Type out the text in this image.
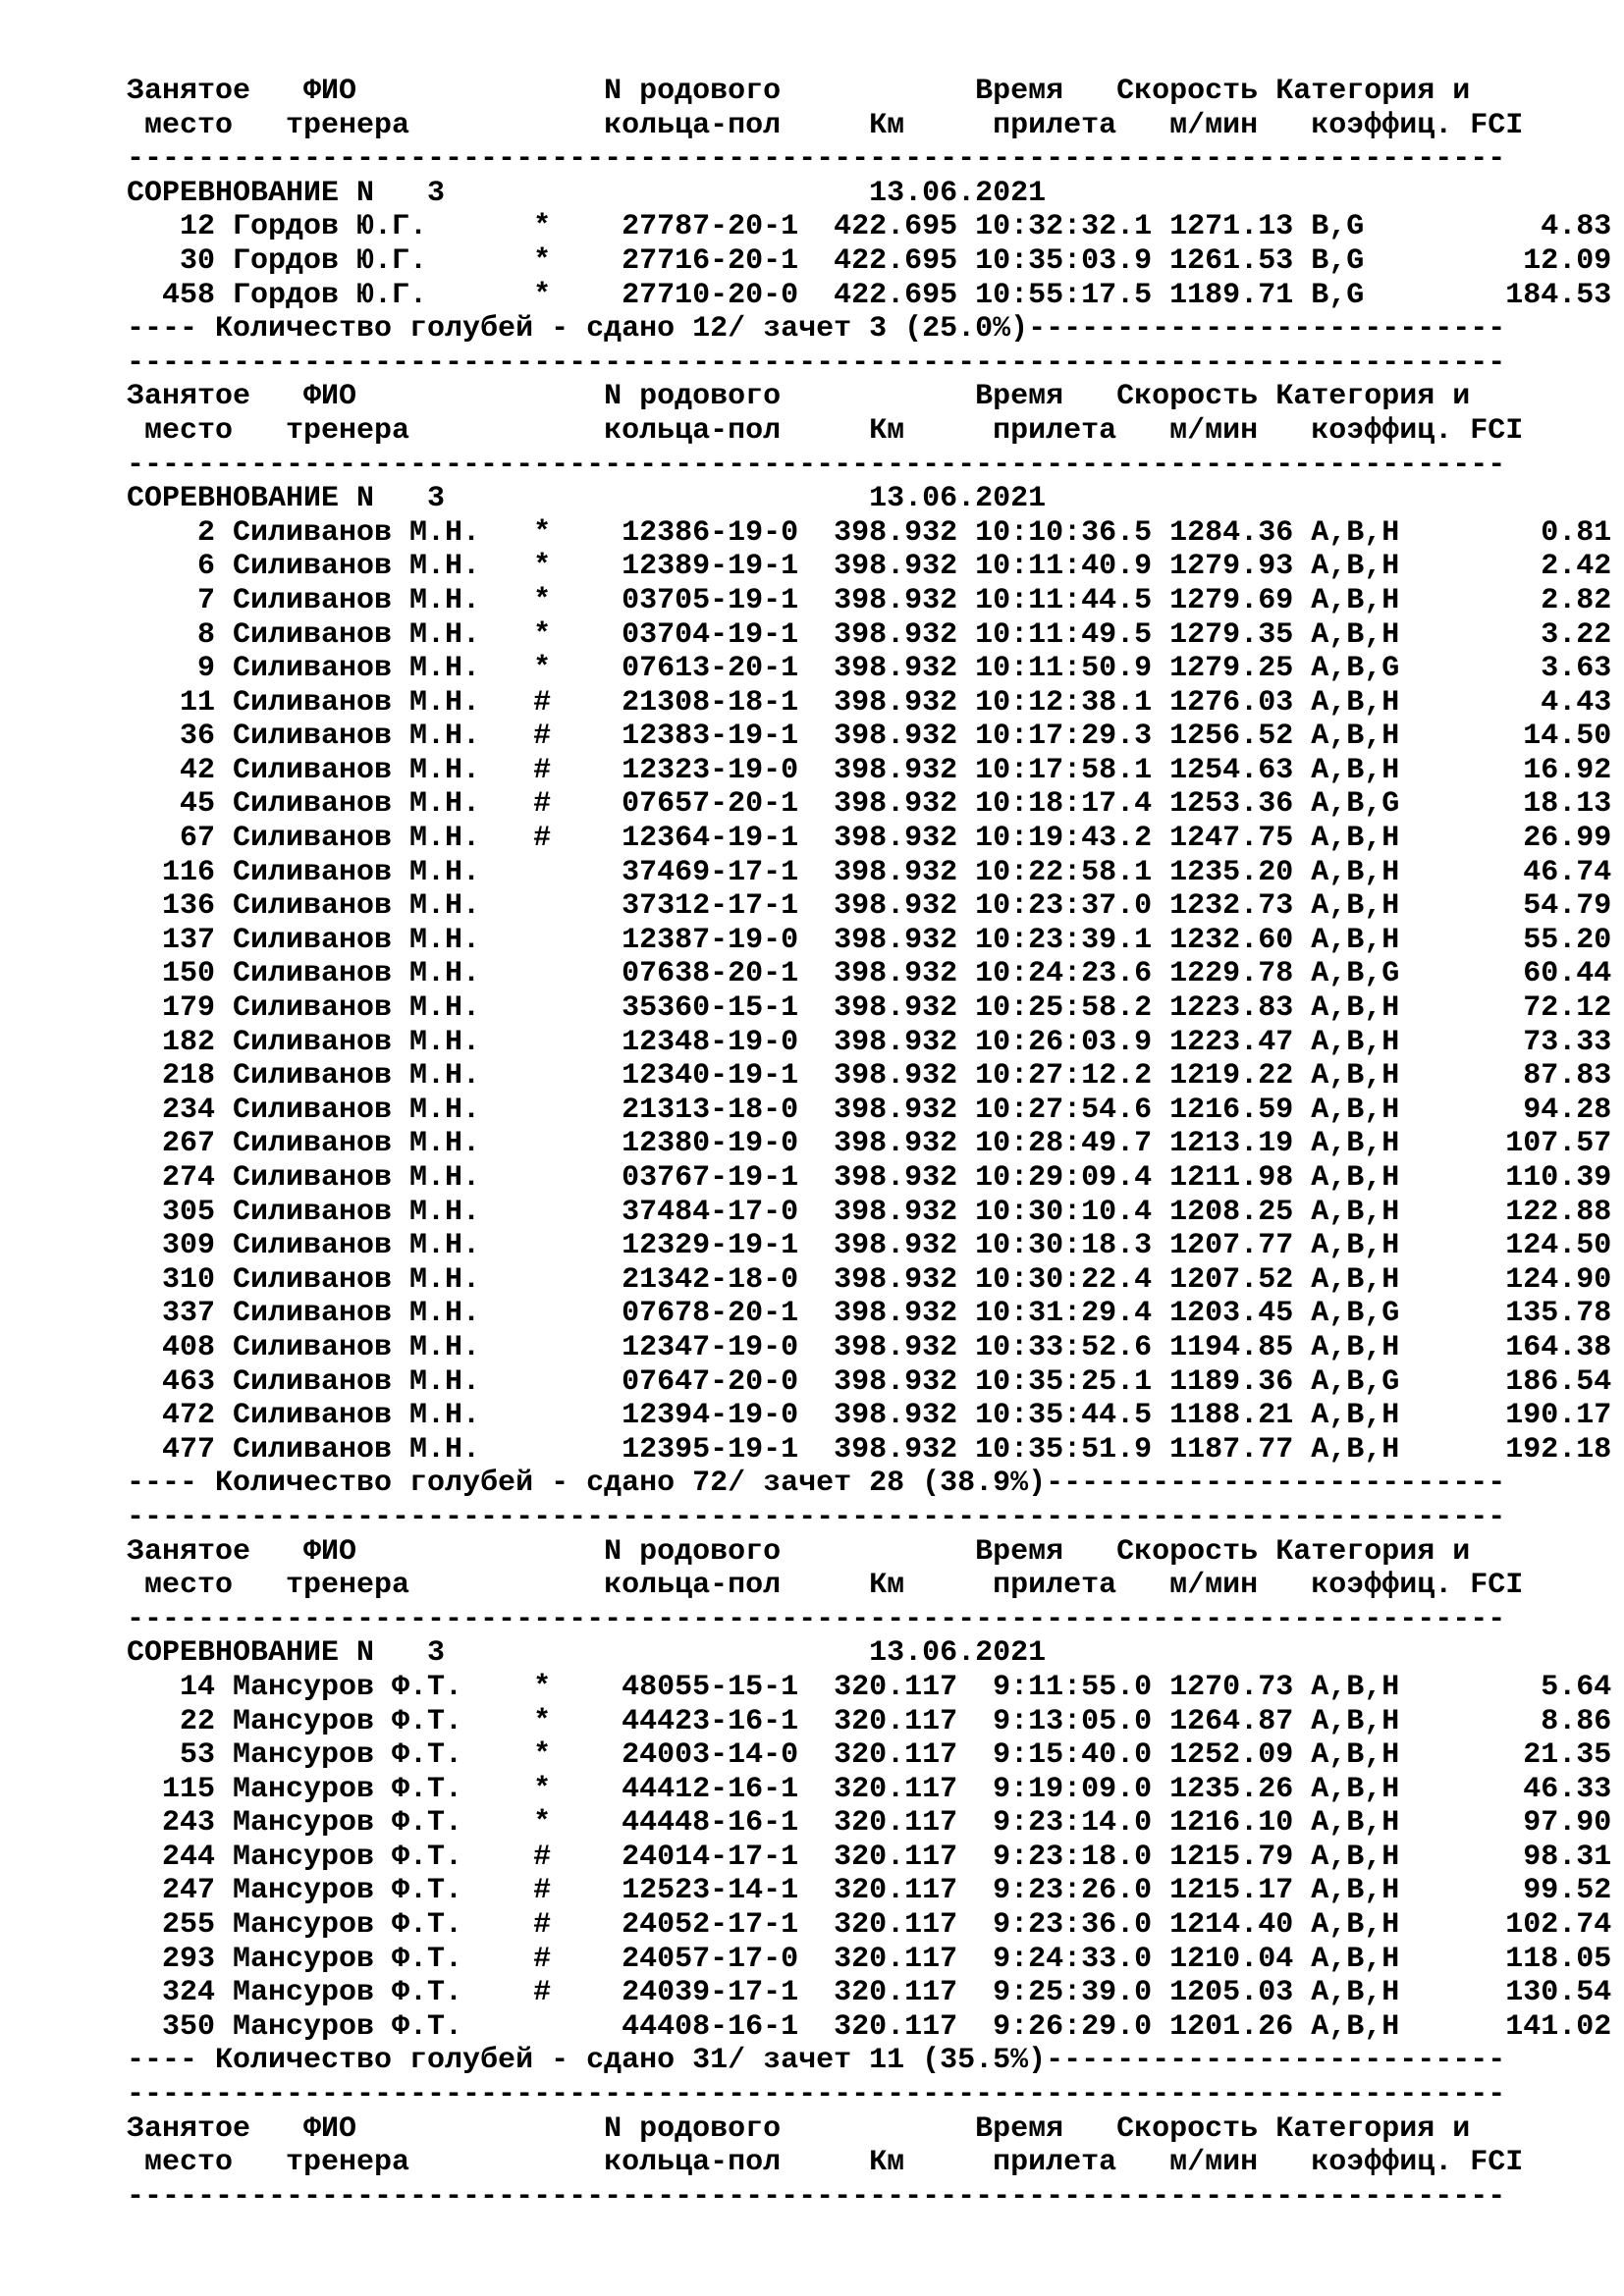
Занятое   ФИО              N родового           Время   Скорость Категория и
место   тренера           кольца-пол     Км     прилета   м/мин   коэффиц. FCI
------------------------------------------------------------------------------
СОРЕВНОВАНИЕ N   3                        13.06.2021
12 Гордов Ю.Г.      *    27787-20-1  422.695 10:32:32.1 1271.13 B,G          4.83
30 Гордов Ю.Г.      *    27716-20-1  422.695 10:35:03.9 1261.53 B,G         12.09
458 Гордов Ю.Г.      *    27710-20-0  422.695 10:55:17.5 1189.71 B,G        184.53
---- Количество голубей - сдано 12/ зачет 3 (25.0%)---------------------------
------------------------------------------------------------------------------
Занятое   ФИО              N родового           Время   Скорость Категория и
место   тренера           кольца-пол     Км     прилета   м/мин   коэффиц. FCI
------------------------------------------------------------------------------
СОРЕВНОВАНИЕ N   3                        13.06.2021
2 Силиванов М.Н.   *    12386-19-0  398.932 10:10:36.5 1284.36 A,B,H        0.81
6 Силиванов М.Н.   *    12389-19-1  398.932 10:11:40.9 1279.93 A,B,H        2.42
7 Силиванов М.Н.   *    03705-19-1  398.932 10:11:44.5 1279.69 A,B,H        2.82
8 Силиванов М.Н.   *    03704-19-1  398.932 10:11:49.5 1279.35 A,B,H        3.22
9 Силиванов М.Н.   *    07613-20-1  398.932 10:11:50.9 1279.25 A,B,G        3.63
11 Силиванов М.Н.   #    21308-18-1  398.932 10:12:38.1 1276.03 A,B,H        4.43
36 Силиванов М.Н.   #    12383-19-1  398.932 10:17:29.3 1256.52 A,B,H       14.50
42 Силиванов М.Н.   #    12323-19-0  398.932 10:17:58.1 1254.63 A,B,H       16.92
45 Силиванов М.Н.   #    07657-20-1  398.932 10:18:17.4 1253.36 A,B,G       18.13
67 Силиванов М.Н.   #    12364-19-1  398.932 10:19:43.2 1247.75 A,B,H       26.99
116 Силиванов М.Н.        37469-17-1  398.932 10:22:58.1 1235.20 A,B,H       46.74
136 Силиванов М.Н.        37312-17-1  398.932 10:23:37.0 1232.73 A,B,H       54.79
137 Силиванов М.Н.        12387-19-0  398.932 10:23:39.1 1232.60 A,B,H       55.20
150 Силиванов М.Н.        07638-20-1  398.932 10:24:23.6 1229.78 A,B,G       60.44
179 Силиванов М.Н.        35360-15-1  398.932 10:25:58.2 1223.83 A,B,H       72.12
182 Силиванов М.Н.        12348-19-0  398.932 10:26:03.9 1223.47 A,B,H       73.33
218 Силиванов М.Н.        12340-19-1  398.932 10:27:12.2 1219.22 A,B,H       87.83
234 Силиванов М.Н.        21313-18-0  398.932 10:27:54.6 1216.59 A,B,H       94.28
267 Силиванов М.Н.        12380-19-0  398.932 10:28:49.7 1213.19 A,B,H      107.57
274 Силиванов М.Н.        03767-19-1  398.932 10:29:09.4 1211.98 A,B,H      110.39
305 Силиванов М.Н.        37484-17-0  398.932 10:30:10.4 1208.25 A,B,H      122.88
309 Силиванов М.Н.        12329-19-1  398.932 10:30:18.3 1207.77 A,B,H      124.50
310 Силиванов М.Н.        21342-18-0  398.932 10:30:22.4 1207.52 A,B,H      124.90
337 Силиванов М.Н.        07678-20-1  398.932 10:31:29.4 1203.45 A,B,G      135.78
408 Силиванов М.Н.        12347-19-0  398.932 10:33:52.6 1194.85 A,B,H      164.38
463 Силиванов М.Н.        07647-20-0  398.932 10:35:25.1 1189.36 A,B,G      186.54
472 Силиванов М.Н.        12394-19-0  398.932 10:35:44.5 1188.21 A,B,H      190.17
477 Силиванов М.Н.        12395-19-1  398.932 10:35:51.9 1187.77 A,B,H      192.18
---- Количество голубей - сдано 72/ зачет 28 (38.9%)--------------------------
------------------------------------------------------------------------------
Занятое   ФИО              N родового           Время   Скорость Категория и
место   тренера           кольца-пол     Км     прилета   м/мин   коэффиц. FCI
------------------------------------------------------------------------------
СОРЕВНОВАНИЕ N   3                        13.06.2021
14 Мансуров Ф.Т.    *    48055-15-1  320.117  9:11:55.0 1270.73 A,B,H        5.64
22 Мансуров Ф.Т.    *    44423-16-1  320.117  9:13:05.0 1264.87 A,B,H        8.86
53 Мансуров Ф.Т.    *    24003-14-0  320.117  9:15:40.0 1252.09 A,B,H       21.35
115 Мансуров Ф.Т.    *    44412-16-1  320.117  9:19:09.0 1235.26 A,B,H       46.33
243 Мансуров Ф.Т.    *    44448-16-1  320.117  9:23:14.0 1216.10 A,B,H       97.90
244 Мансуров Ф.Т.    #    24014-17-1  320.117  9:23:18.0 1215.79 A,B,H       98.31
247 Мансуров Ф.Т.    #    12523-14-1  320.117  9:23:26.0 1215.17 A,B,H       99.52
255 Мансуров Ф.Т.    #    24052-17-1  320.117  9:23:36.0 1214.40 A,B,H      102.74
293 Мансуров Ф.Т.    #    24057-17-0  320.117  9:24:33.0 1210.04 A,B,H      118.05
324 Мансуров Ф.Т.    #    24039-17-1  320.117  9:25:39.0 1205.03 A,B,H      130.54
350 Мансуров Ф.Т.         44408-16-1  320.117  9:26:29.0 1201.26 A,B,H      141.02
---- Количество голубей - сдано 31/ зачет 11 (35.5%)--------------------------
------------------------------------------------------------------------------
Занятое   ФИО              N родового           Время   Скорость Категория и
место   тренера           кольца-пол     Км     прилета   м/мин   коэффиц. FCI
------------------------------------------------------------------------------
